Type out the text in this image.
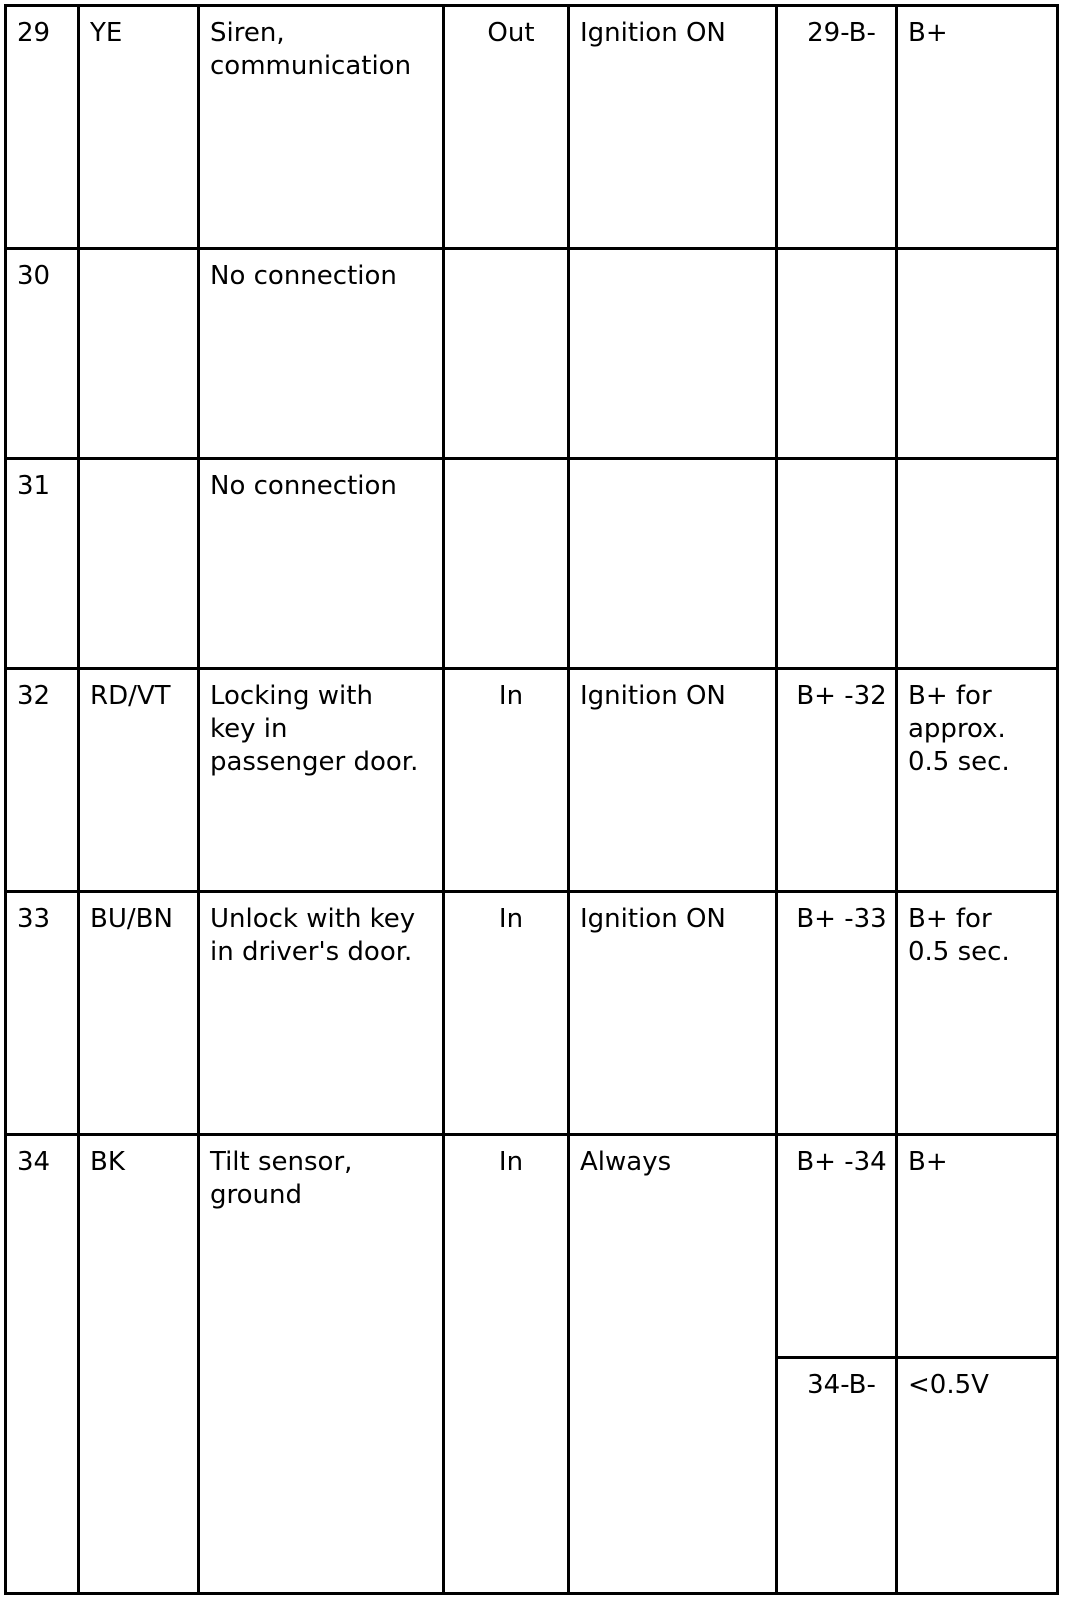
29	YE	Siren,
communication	Out	Ignition ON	29-B-	B+
30		No connection				
31		No connection				
32	RD/VT	Locking with
key in
passenger door.	In	Ignition ON	B+ -32	B+ for
approx.
0.5 sec.
33	BU/BN	Unlock with key
in driver's door.	In	Ignition ON	B+ -33	B+ for
0.5 sec.
34	BK	Tilt sensor,
ground	In	Always	B+ -34	B+
					34-B-	<0.5V
